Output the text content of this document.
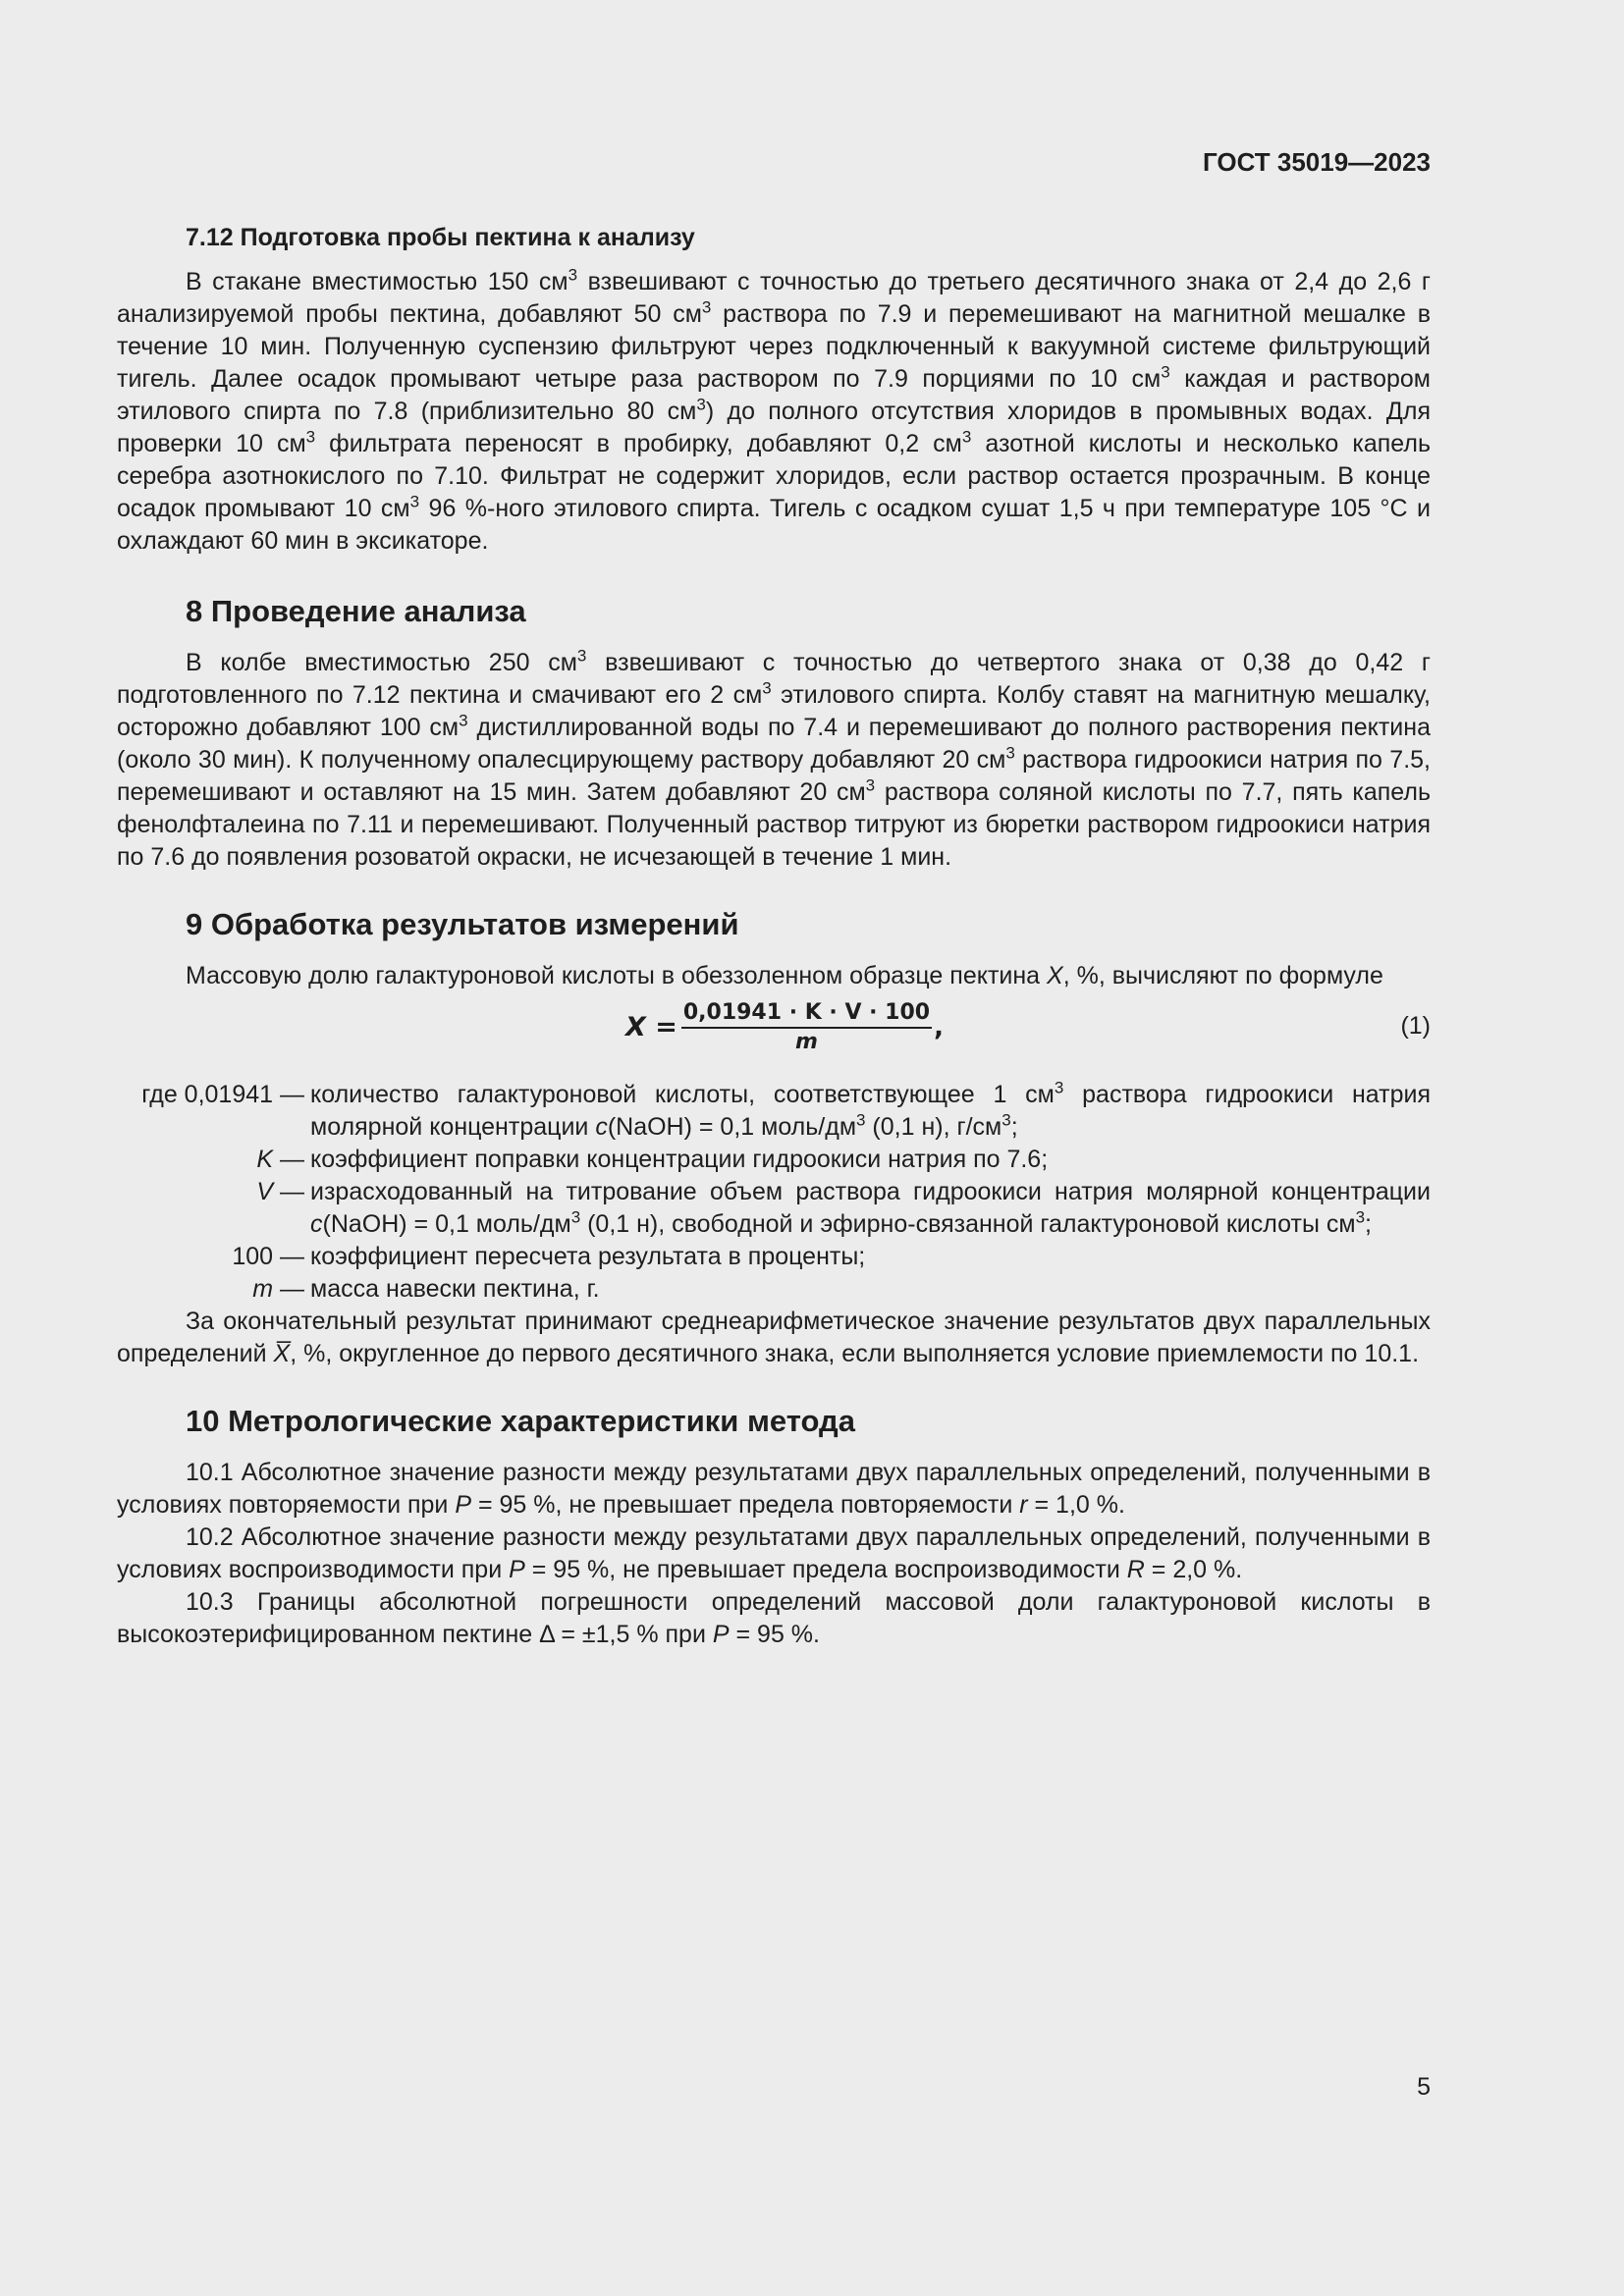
ГОСТ 35019—2023
7.12 Подготовка пробы пектина к анализу

В стакане вместимостью 150 $см^3$ взвешивают с точностью до третьего десятичного знака от 2,4 до 2,6 г анализируемой пробы пектина, добавляют 50 $см^3$ раствора по 7.9 и перемешивают на магнитной мешалке в течение 10 мин. Полученную суспензию фильтруют через подключенный к вакуумной системе фильтрующий тигель. Далее осадок промывают четыре раза раствором по 7.9 порциями по 10 $см^3$ каждая и раствором этилового спирта по 7.8 (приблизительно 80 $см^3$) до полного отсутствия хлоридов в промывных водах. Для проверки 10 $см^3$ фильтрата переносят в пробирку, добавляют 0,2 $см^3$ азотной кислоты и несколько капель серебра азотнокислого по 7.10. Фильтрат не содержит хлоридов, если раствор остается прозрачным. В конце осадок промывают 10 $см^3$ 96 %-ного этилового спирта. Тигель с осадком сушат 1,5 ч при температуре 105 °С и охлаждают 60 мин в эксикаторе.

8 Проведение анализа

В колбе вместимостью 250 $см^3$ взвешивают с точностью до четвертого знака от 0,38 до 0,42 г подготовленного по 7.12 пектина и смачивают его 2 $см^3$ этилового спирта. Колбу ставят на магнитную мешалку, осторожно добавляют 100 $см^3$ дистиллированной воды по 7.4 и перемешивают до полного растворения пектина (около 30 мин). К полученному опалесцирующему раствору добавляют 20 $см^3$ раствора гидроокиси натрия по 7.5, перемешивают и оставляют на 15 мин. Затем добавляют 20 $см^3$ раствора соляной кислоты по 7.7, пять капель фенолфталеина по 7.11 и перемешивают. Полученный раствор титруют из бюретки раствором гидроокиси натрия по 7.6 до появления розоватой окраски, не исчезающей в течение 1 мин.

9 Обработка результатов измерений

Массовую долю галактуроновой кислоты в обеззоленном образце пектина X, %, вычисляют по формуле

$X = \frac{0,01941 \cdot K \cdot V \cdot 100}{m}$ ,	(1)
где 0,01941 — количество галактуроновой кислоты, соответствующее 1 $см^3$ раствора гидроокиси натрия молярной концентрации c(NaOH) = 0,1 моль/$дм^3$ (0,1 н), $г/см^3$;
K — коэффициент поправки концентрации гидроокиси натрия по 7.6;
V — израсходованный на титрование объем раствора гидроокиси натрия молярной концентрации c(NaOH) = 0,1 моль/$дм^3$ (0,1 н), свободной и эфирно-связанной галактуроновой кислоты $см^3$;
100 — коэффициент пересчета результата в проценты;
m — масса навески пектина, г.

За окончательный результат принимают среднеарифметическое значение результатов двух параллельных определений X̅, %, округленное до первого десятичного знака, если выполняется условие приемлемости по 10.1.

10 Метрологические характеристики метода

10.1 Абсолютное значение разности между результатами двух параллельных определений, полученными в условиях повторяемости при P = 95 %, не превышает предела повторяемости r = 1,0 %.

10.2 Абсолютное значение разности между результатами двух параллельных определений, полученными в условиях воспроизводимости при P = 95 %, не превышает предела воспроизводимости R = 2,0 %.

10.3 Границы абсолютной погрешности определений массовой доли галактуроновой кислоты в высокоэтерифицированном пектине Δ = ±1,5 % при P = 95 %.

5
